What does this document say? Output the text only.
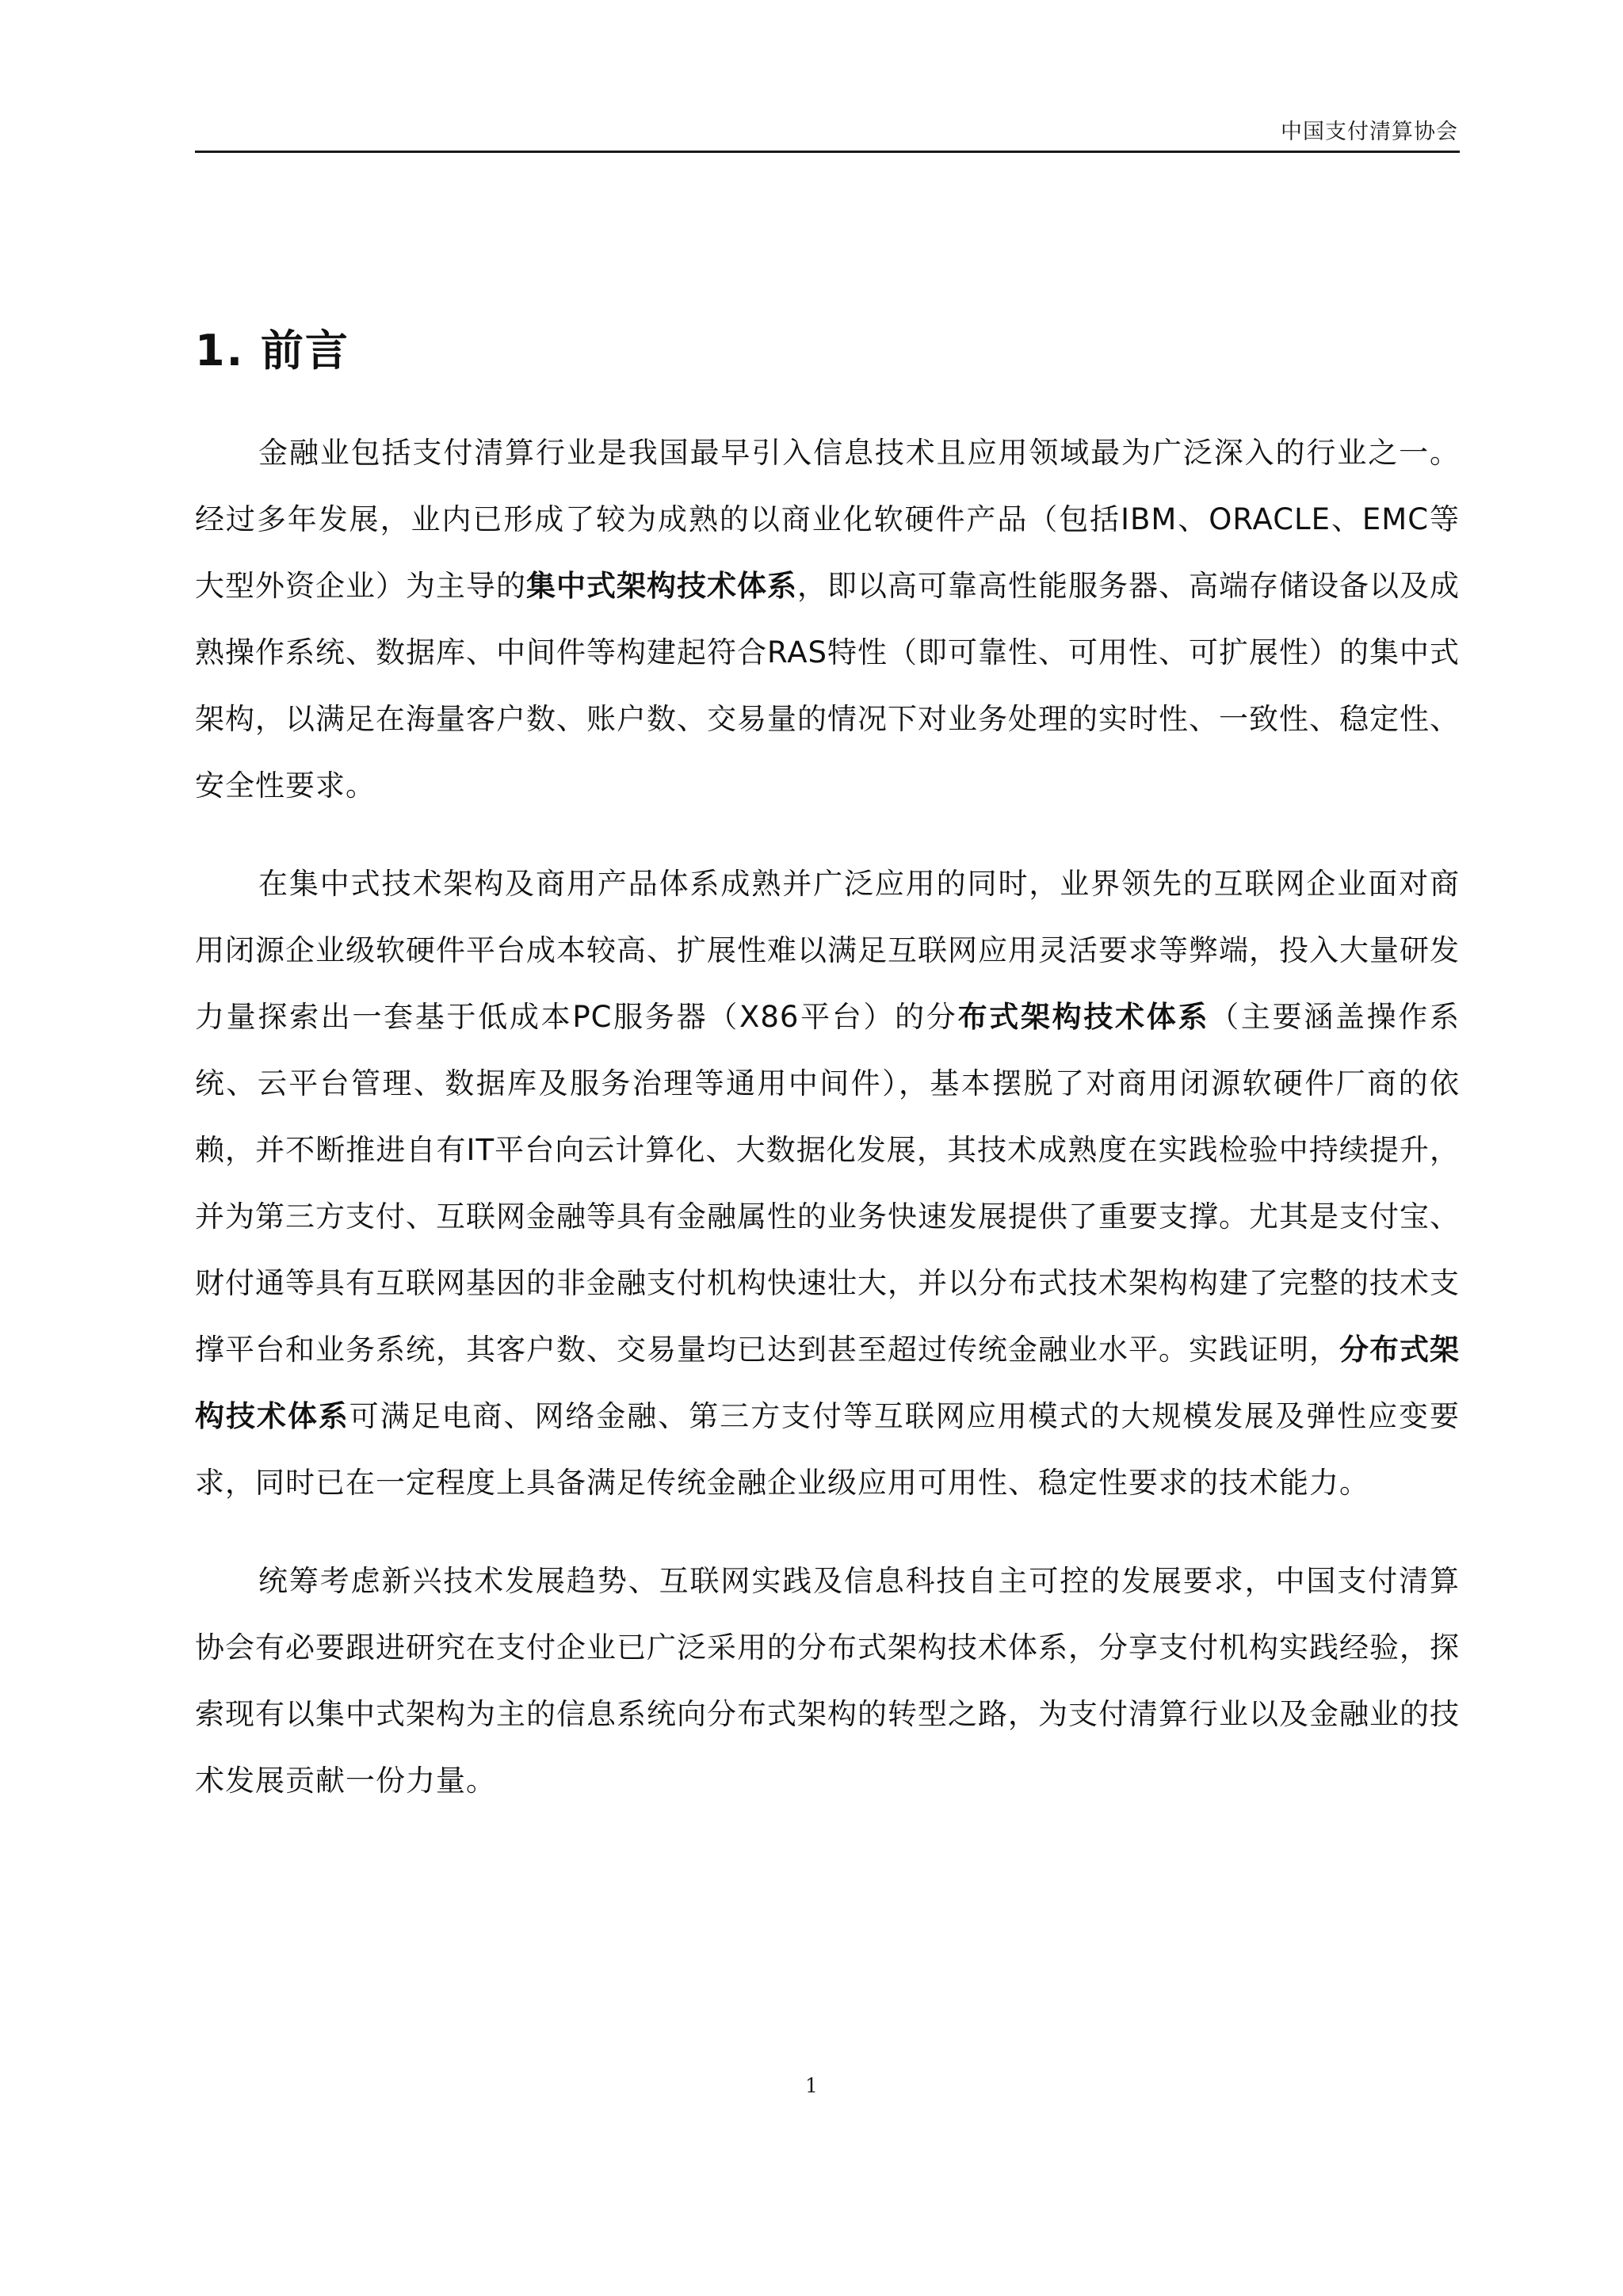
中国支付清算协会
1. 前言

金融业包括支付清算行业是我国最早引入信息技术且应用领域最为广泛深入的行业之一。经过多年发展，业内已形成了较为成熟的以商业化软硬件产品（包括IBM、ORACLE、EMC等大型外资企业）为主导的集中式架构技术体系，即以高可靠高性能服务器、高端存储设备以及成熟操作系统、数据库、中间件等构建起符合RAS特性（即可靠性、可用性、可扩展性）的集中式架构，以满足在海量客户数、账户数、交易量的情况下对业务处理的实时性、一致性、稳定性、安全性要求。

在集中式技术架构及商用产品体系成熟并广泛应用的同时，业界领先的互联网企业面对商用闭源企业级软硬件平台成本较高、扩展性难以满足互联网应用灵活要求等弊端，投入大量研发力量探索出一套基于低成本PC服务器（X86平台）的分布式架构技术体系（主要涵盖操作系统、云平台管理、数据库及服务治理等通用中间件），基本摆脱了对商用闭源软硬件厂商的依赖，并不断推进自有IT平台向云计算化、大数据化发展，其技术成熟度在实践检验中持续提升，并为第三方支付、互联网金融等具有金融属性的业务快速发展提供了重要支撑。尤其是支付宝、财付通等具有互联网基因的非金融支付机构快速壮大，并以分布式技术架构构建了完整的技术支撑平台和业务系统，其客户数、交易量均已达到甚至超过传统金融业水平。实践证明，分布式架构技术体系可满足电商、网络金融、第三方支付等互联网应用模式的大规模发展及弹性应变要求，同时已在一定程度上具备满足传统金融企业级应用可用性、稳定性要求的技术能力。

统筹考虑新兴技术发展趋势、互联网实践及信息科技自主可控的发展要求，中国支付清算协会有必要跟进研究在支付企业已广泛采用的分布式架构技术体系，分享支付机构实践经验，探索现有以集中式架构为主的信息系统向分布式架构的转型之路，为支付清算行业以及金融业的技术发展贡献一份力量。

1
